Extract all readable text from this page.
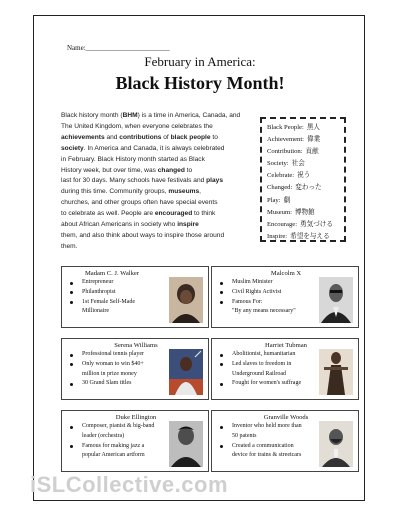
Name:________________________
February in America:
Black History Month!
Black history month (BHM) is a time in America, Canada, and
The United Kingdom, when everyone celebrates the
achievements and contributions of black people to
society. In America and Canada, it is always celebrated
in February. Black History month started as Black
History week, but over time, was changed to
last for 30 days. Many schools have festivals and plays
during this time. Community groups, museums,
churches, and other groups often have special events
to celebrate as well. People are encouraged to think
about African Americans in society who inspire
them, and also think about ways to inspire those around
them.
Black People: 黒人
Achievement: 偉業
Contribution: 貢献
Society: 社会
Celebrate: 祝う
Changed: 変わった
Play: 劇
Museum: 博物館
Encourage: 勇気づける
Inspire: 希望を与える
Madam C. J. Walker
Entrepreneur
Philanthropist
1st Female Self-Made
Millionaire
Malcolm X
Muslim Minister
Civil Rights Activist
Famous For:
"By any means necessary"
Serena Williams
Professional tennis player
Only woman to win $40+
million in prize money
30 Grand Slam titles
Harriet Tubman
Abolitionist, humanitarian
Led slaves to freedom in
Underground Railroad
Fought for women's suffrage
Duke Ellington
Composer, pianist & big-band
leader (orchestra)
Famous for making jazz a
popular American artform
Granville Woods
Inventor who held more than
50 patents
Created a communication
device for trains & streetcars
iSLCollective.com
